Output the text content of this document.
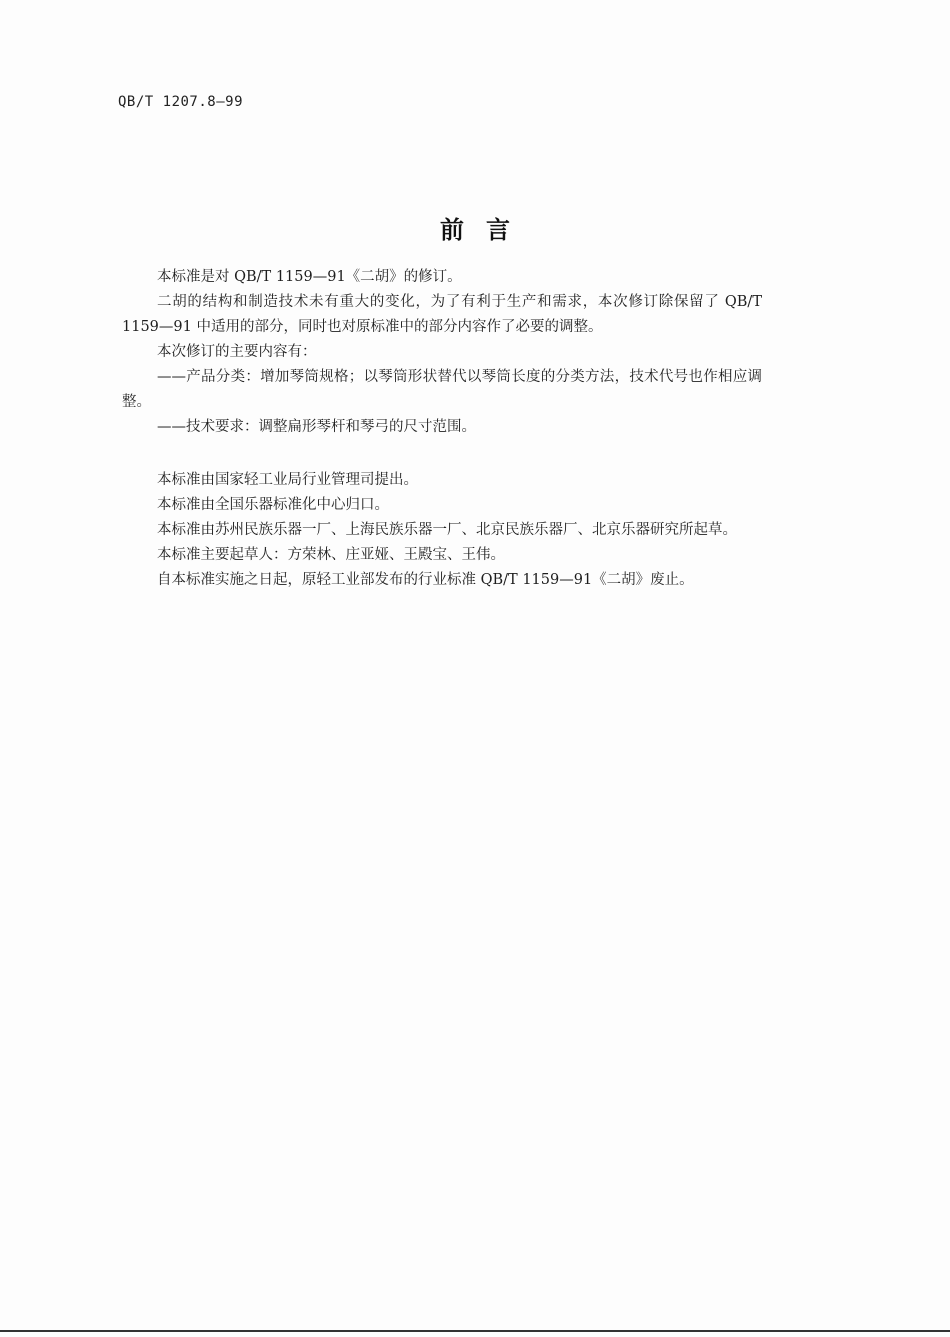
QB/T 1207.8—99
前言

本标准是对 QB/T 1159—91《二胡》的修订。

二胡的结构和制造技术未有重大的变化，为了有利于生产和需求，本次修订除保留了 QB/T 1159—91 中适用的部分，同时也对原标准中的部分内容作了必要的调整。

本次修订的主要内容有：

——产品分类：增加琴筒规格；以琴筒形状替代以琴筒长度的分类方法，技术代号也作相应调整。

——技术要求：调整扁形琴杆和琴弓的尺寸范围。

本标准由国家轻工业局行业管理司提出。

本标准由全国乐器标准化中心归口。

本标准由苏州民族乐器一厂、上海民族乐器一厂、北京民族乐器厂、北京乐器研究所起草。

本标准主要起草人：方荣林、庄亚娅、王殿宝、王伟。

自本标准实施之日起，原轻工业部发布的行业标准 QB/T 1159—91《二胡》废止。
